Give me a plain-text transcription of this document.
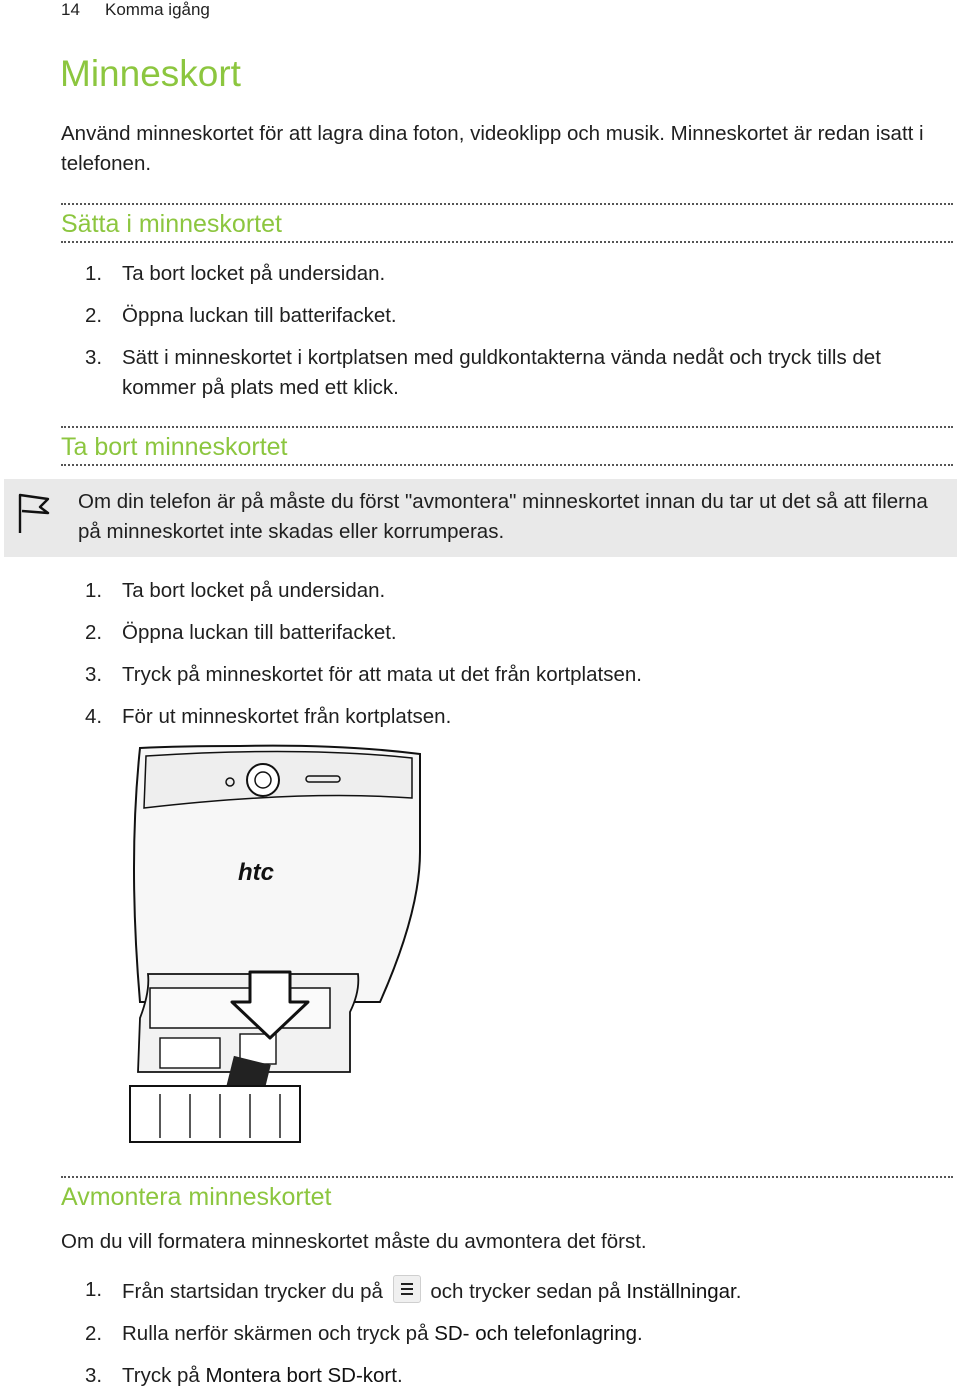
14 Komma igång
Minneskort
Använd minneskortet för att lagra dina foton, videoklipp och musik. Minneskortet är redan isatt i telefonen.
Sätta i minneskortet
1. Ta bort locket på undersidan.
2. Öppna luckan till batterifacket.
3. Sätt i minneskortet i kortplatsen med guldkontakterna vända nedåt och tryck tills det kommer på plats med ett klick.
Ta bort minneskortet
Om din telefon är på måste du först "avmontera" minneskortet innan du tar ut det så att filerna på minneskortet inte skadas eller korrumperas.
1. Ta bort locket på undersidan.
2. Öppna luckan till batterifacket.
3. Tryck på minneskortet för att mata ut det från kortplatsen.
4. För ut minneskortet från kortplatsen.
htc
Avmontera minneskortet
Om du vill formatera minneskortet måste du avmontera det först.
1. Från startsidan trycker du på och trycker sedan på Inställningar.
2. Rulla nerför skärmen och tryck på SD- och telefonlagring.
3. Tryck på Montera bort SD-kort.
